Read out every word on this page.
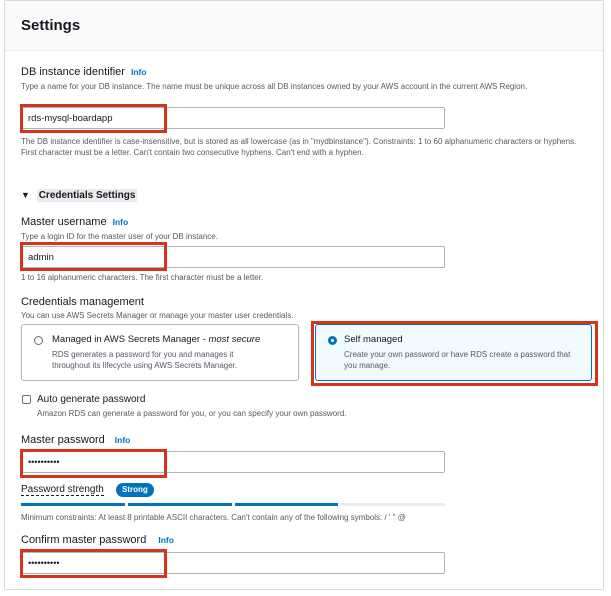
Settings
DB instance identifier Info
Type a name for your DB instance. The name must be unique across all DB instances owned by your AWS account in the current AWS Region.
rds-mysql-boardapp
The DB instance identifier is case-insensitive, but is stored as all lowercase (as in "mydbinstance"). Constraints: 1 to 60 alphanumeric characters or hyphens. First character must be a letter. Can't contain two consecutive hyphens. Can't end with a hyphen.
▼ Credentials Settings
Master username Info
Type a login ID for the master user of your DB instance.
admin
1 to 16 alphanumeric characters. The first character must be a letter.
Credentials management
You can use AWS Secrets Manager or manage your master user credentials.
Managed in AWS Secrets Manager - most secure
RDS generates a password for you and manages it throughout its lifecycle using AWS Secrets Manager.
Self managed
Create your own password or have RDS create a password that you manage.
Auto generate password
Amazon RDS can generate a password for you, or you can specify your own password.
Master password Info
••••••••••
Password strength	Strong
Minimum constraints: At least 8 printable ASCII characters. Can't contain any of the following symbols: / ' " @
Confirm master password Info
••••••••••
